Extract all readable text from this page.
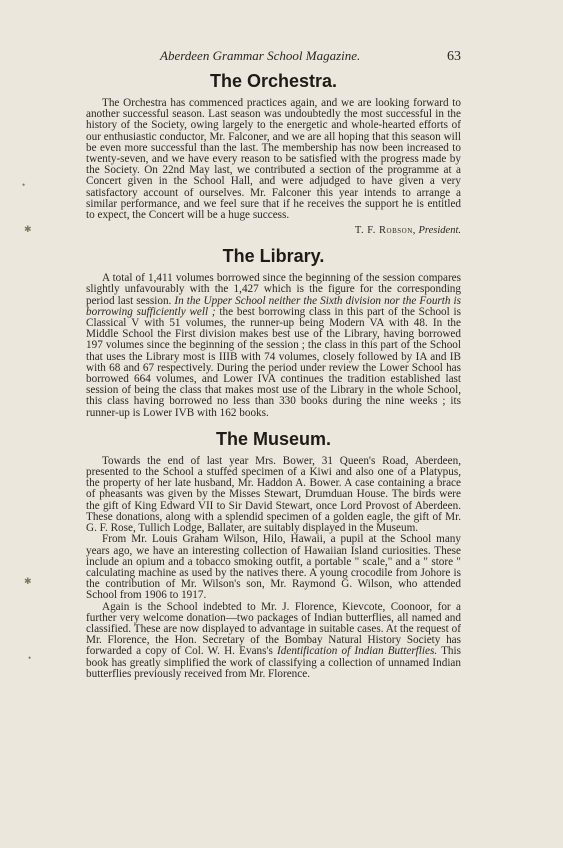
Aberdeen Grammar School Magazine.	63
The Orchestra.

The Orchestra has commenced practices again, and we are looking forward to another successful season. Last season was undoubtedly the most successful in the history of the Society, owing largely to the energetic and whole-hearted efforts of our enthusiastic conductor, Mr. Falconer, and we are all hoping that this season will be even more successful than the last. The membership has now been increased to twenty-seven, and we have every reason to be satisfied with the progress made by the Society. On 22nd May last, we contributed a section of the programme at a Concert given in the School Hall, and were adjudged to have given a very satisfactory account of ourselves. Mr. Falconer this year intends to arrange a similar performance, and we feel sure that if he receives the support he is entitled to expect, the Concert will be a huge success.

T. F. Robson, President.
The Library.

A total of 1,411 volumes borrowed since the beginning of the session compares slightly unfavourably with the 1,427 which is the figure for the corresponding period last session. In the Upper School neither the Sixth division nor the Fourth is borrowing sufficiently well ; the best borrowing class in this part of the School is Classical V with 51 volumes, the runner-up being Modern VA with 48. In the Middle School the First division makes best use of the Library, having borrowed 197 volumes since the beginning of the session ; the class in this part of the School that uses the Library most is IIIB with 74 volumes, closely followed by IA and IB with 68 and 67 respectively. During the period under review the Lower School has borrowed 664 volumes, and Lower IVA continues the tradition established last session of being the class that makes most use of the Library in the whole School, this class having borrowed no less than 330 books during the nine weeks ; its runner-up is Lower IVB with 162 books.

The Museum.

Towards the end of last year Mrs. Bower, 31 Queen's Road, Aberdeen, presented to the School a stuffed specimen of a Kiwi and also one of a Platypus, the property of her late husband, Mr. Haddon A. Bower. A case containing a brace of pheasants was given by the Misses Stewart, Drumduan House. The birds were the gift of King Edward VII to Sir David Stewart, once Lord Provost of Aberdeen. These donations, along with a splendid specimen of a golden eagle, the gift of Mr. G. F. Rose, Tullich Lodge, Ballater, are suitably displayed in the Museum.

From Mr. Louis Graham Wilson, Hilo, Hawaii, a pupil at the School many years ago, we have an interesting collection of Hawaiian Island curiosities. These include an opium and a tobacco smoking outfit, a portable " scale," and a " store " calculating machine as used by the natives there. A young crocodile from Johore is the contribution of Mr. Wilson's son, Mr. Raymond G. Wilson, who attended School from 1906 to 1917.

Again is the School indebted to Mr. J. Florence, Kievcote, Coonoor, for a further very welcome donation—two packages of Indian butterflies, all named and classified. These are now displayed to advantage in suitable cases. At the request of Mr. Florence, the Hon. Secretary of the Bombay Natural History Society has forwarded a copy of Col. W. H. Evans's Identification of Indian Butterflies. This book has greatly simplified the work of classifying a collection of unnamed Indian butterflies previously received from Mr. Florence.

•
✱
✱
•
